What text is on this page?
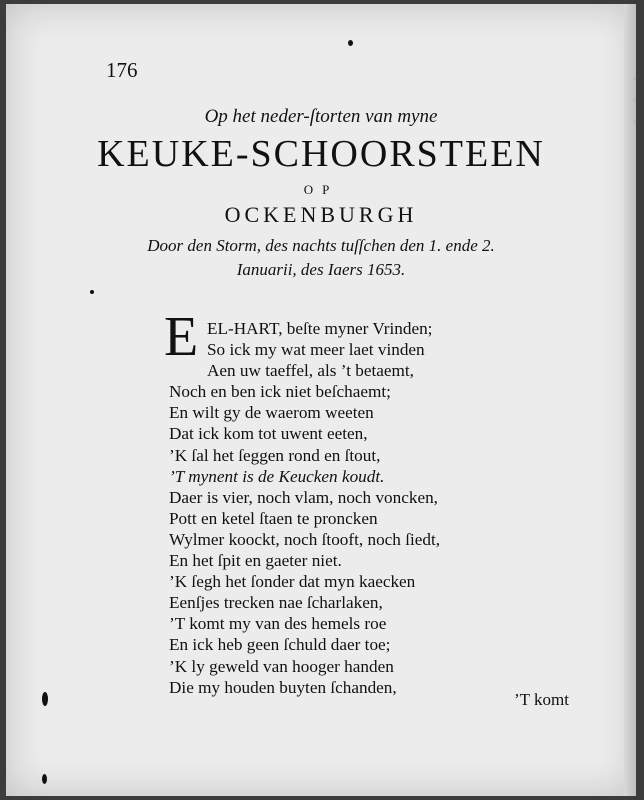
.
.
.
176
Op het neder-ſtorten van myne
KEUKE-SCHOORSTEEN
OP
OCKENBURGH
Door den Storm, des nachts tuſſchen den 1. ende 2.
Ianuarii, des Iaers 1653.
E EL-HART, beſte myner Vrinden;
So ick my wat meer laet vinden
Aen uw taeffel, als ’t betaemt,
Noch en ben ick niet beſchaemt;
En wilt gy de waerom weeten
Dat ick kom tot uwent eeten,
’K ſal het ſeggen rond en ſtout,
’T mynent is de Keucken koudt.
Daer is vier, noch vlam, noch voncken,
Pott en ketel ſtaen te proncken
Wylmer koockt, noch ſtooft, noch ſiedt,
En het ſpit en gaeter niet.
’K ſegh het ſonder dat myn kaecken
Eenſjes trecken nae ſcharlaken,
’T komt my van des hemels roe
En ick heb geen ſchuld daer toe;
’K ly geweld van hooger handen
Die my houden buyten ſchanden,
’T komt
